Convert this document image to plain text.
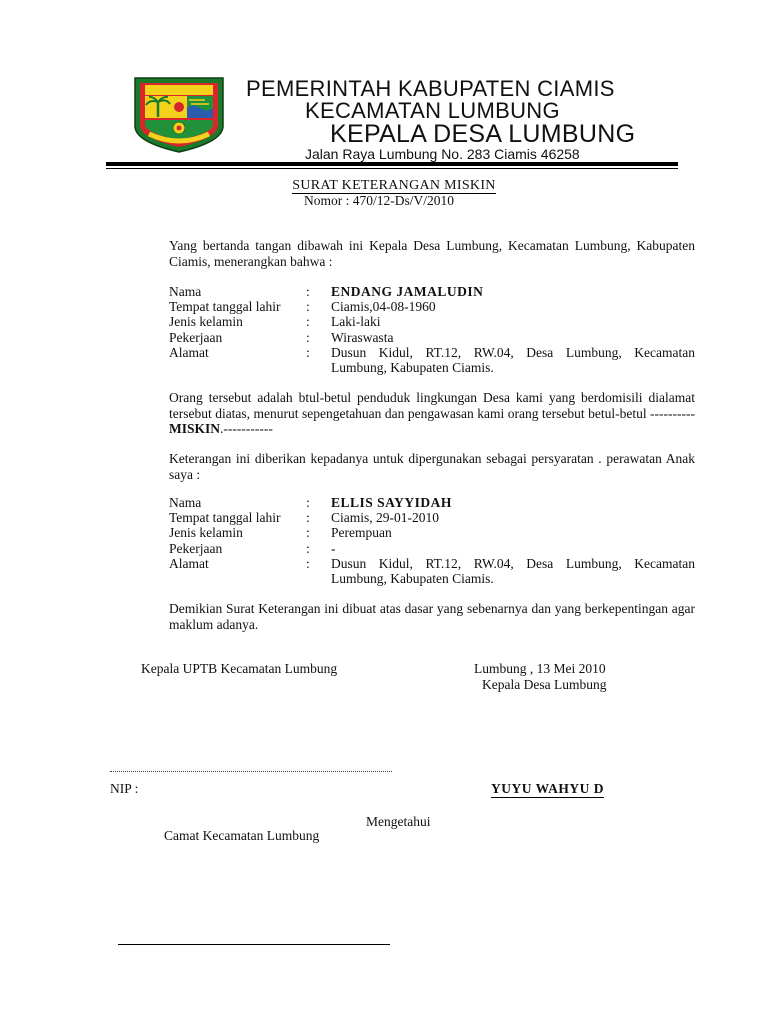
PEMERINTAH KABUPATEN CIAMIS
KECAMATAN LUMBUNG
KEPALA DESA LUMBUNG
Jalan Raya Lumbung No. 283 Ciamis 46258
SURAT KETERANGAN MISKIN
Nomor : 470/12-Ds/V/2010
Yang bertanda tangan dibawah ini Kepala Desa Lumbung, Kecamatan Lumbung, Kabupaten Ciamis, menerangkan bahwa :
Nama	:	ENDANG JAMALUDIN
Tempat tanggal lahir	:	Ciamis,04-08-1960
Jenis kelamin	:	Laki-laki
Pekerjaan	:	Wiraswasta
Alamat	:	Dusun Kidul, RT.12, RW.04, Desa Lumbung, Kecamatan Lumbung, Kabupaten Ciamis.
Orang tersebut adalah btul-betul penduduk lingkungan Desa kami yang berdomisili dialamat tersebut diatas, menurut sepengetahuan dan pengawasan kami orang tersebut betul-betul ---------- MISKIN.-----------
Keterangan ini diberikan kepadanya untuk dipergunakan sebagai persyaratan . perawatan Anak saya :
Nama	:	ELLIS SAYYIDAH
Tempat tanggal lahir	:	Ciamis, 29-01-2010
Jenis kelamin	:	Perempuan
Pekerjaan	:	-
Alamat	:	Dusun Kidul, RT.12, RW.04, Desa Lumbung, Kecamatan Lumbung, Kabupaten Ciamis.
Demikian Surat Keterangan ini dibuat atas dasar yang sebenarnya dan yang berkepentingan agar maklum adanya.
Kepala UPTB Kecamatan Lumbung	Lumbung , 13 Mei 2010
Kepala Desa Lumbung
NIP :	YUYU WAHYU D
Mengetahui
Camat Kecamatan Lumbung
